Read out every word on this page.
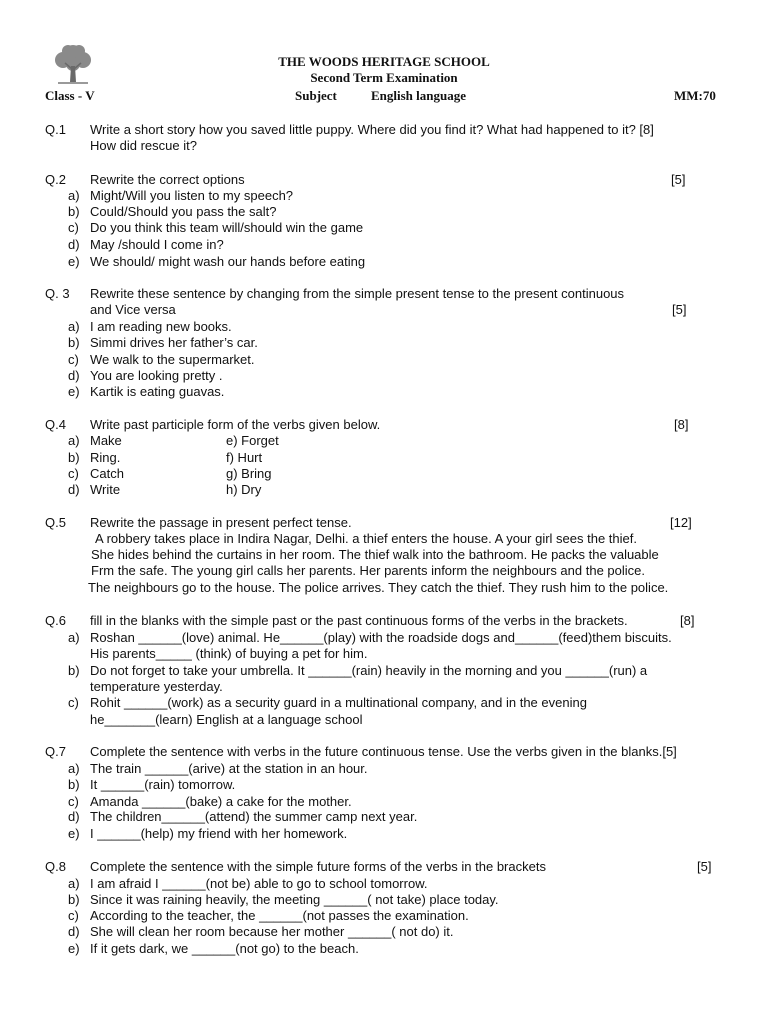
THE WOODS HERITAGE SCHOOL
Second Term Examination
Class - V	Subject	English language	MM:70
Q.1 Write a short story how you saved little puppy. Where did you find it? What had happened to it? [8]
How did rescue it?
Q.2 Rewrite the correct options	[5]
a) Might/Will you listen to my speech?
b) Could/Should you pass the salt?
c) Do you think this team will/should win the game
d) May /should I come in?
e) We should/ might wash our hands before eating
Q. 3 Rewrite these sentence by changing from the simple present tense to the present continuous
and Vice versa	[5]
a) I am reading new books.
b) Simmi drives her father’s car.
c) We walk to the supermarket.
d) You are looking pretty .
e) Kartik is eating guavas.
Q.4 Write past participle form of the verbs given below.	[8]
a) Make	e) Forget
b) Ring.	f) Hurt
c) Catch	g) Bring
d) Write	h) Dry
Q.5 Rewrite the passage in present perfect tense.	[12]
A robbery takes place in Indira Nagar, Delhi. a thief enters the house. A your girl sees the thief.
She hides behind the curtains in her room. The thief walk into the bathroom. He packs the valuable
Frm the safe. The young girl calls her parents. Her parents inform the neighbours and the police.
The neighbours go to the house. The police arrives. They catch the thief. They rush him to the police.
Q.6 fill in the blanks with the simple past or the past continuous forms of the verbs in the brackets.	[8]
a) Roshan ______(love) animal. He______(play) with the roadside dogs and______(feed)them biscuits.
His parents_____ (think) of buying a pet for him.
b) Do not forget to take your umbrella. It ______(rain) heavily in the morning and you ______(run) a
temperature yesterday.
c) Rohit ______(work) as a security guard in a multinational company, and in the evening
he_______(learn) English at a language school
Q.7 Complete the sentence with verbs in the future continuous tense. Use the verbs given in the blanks.[5]
a) The train ______(arive) at the station in an hour.
b) It ______(rain) tomorrow.
c) Amanda ______(bake) a cake for the mother.
d) The children______(attend) the summer camp next year.
e) I ______(help) my friend with her homework.
Q.8 Complete the sentence with the simple future forms of the verbs in the brackets	[5]
a) I am afraid I ______(not be) able to go to school tomorrow.
b) Since it was raining heavily, the meeting ______( not take) place today.
c) According to the teacher, the ______(not passes the examination.
d) She will clean her room because her mother ______( not do) it.
e) If it gets dark, we ______(not go) to the beach.
